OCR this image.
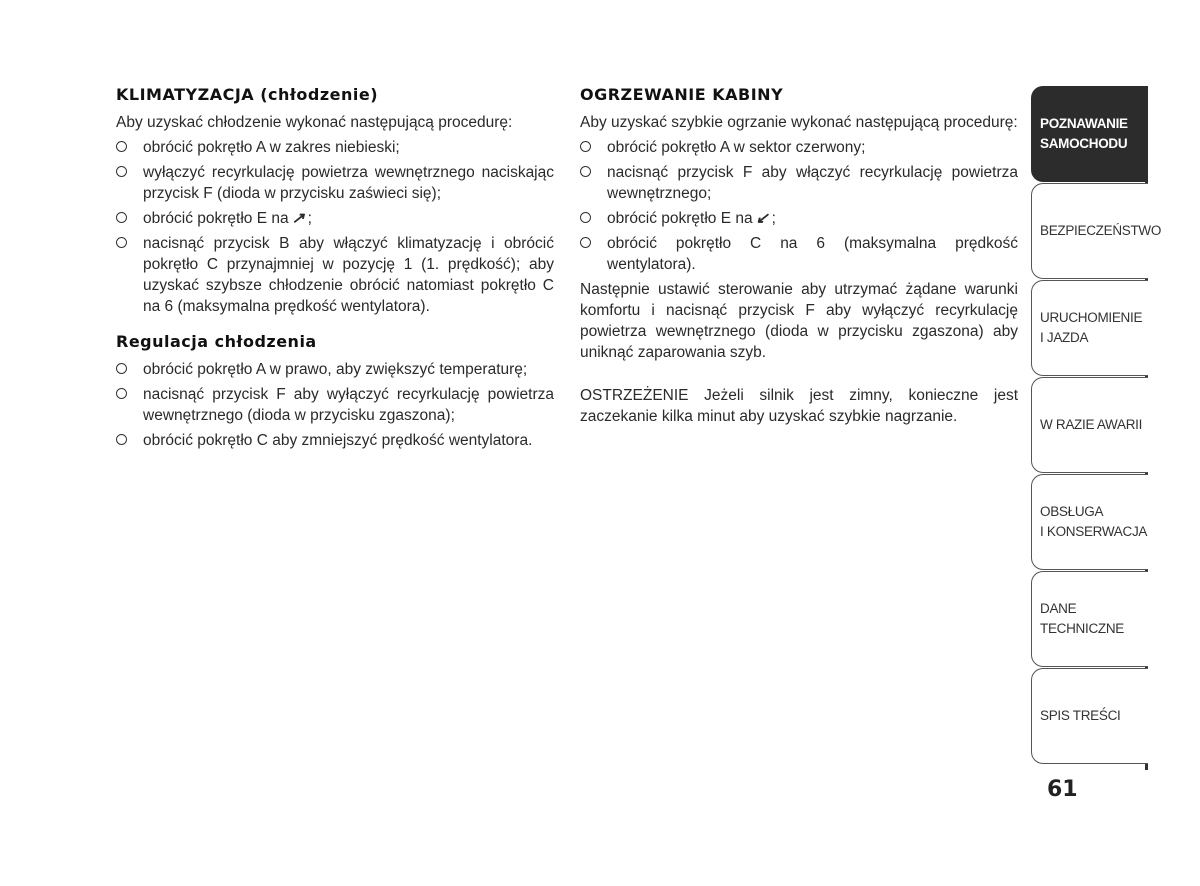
KLIMATYZACJA (chłodzenie)

Aby uzyskać chłodzenie wykonać następującą procedurę:

obrócić pokrętło A w zakres niebieski;
wyłączyć recyrkulację powietrza wewnętrznego naciskając przycisk F (dioda w przycisku zaświeci się);
obrócić pokrętło E na ↗ ;
nacisnąć przycisk B aby włączyć klimatyzację i obrócić pokrętło C przynajmniej w pozycję 1 (1. prędkość); aby uzyskać szybsze chłodzenie obrócić natomiast pokrętło C na 6 (maksymalna prędkość wentylatora).
Regulacja chłodzenia
obrócić pokrętło A w prawo, aby zwiększyć temperaturę;
nacisnąć przycisk F aby wyłączyć recyrkulację powietrza wewnętrznego (dioda w przycisku zgaszona);
obrócić pokrętło C aby zmniejszyć prędkość wentylatora.
OGRZEWANIE KABINY

Aby uzyskać szybkie ogrzanie wykonać następującą procedurę:

obrócić pokrętło A w sektor czerwony;
nacisnąć przycisk F aby włączyć recyrkulację powietrza wewnętrznego;
obrócić pokrętło E na ↙ ;
obrócić pokrętło C na 6 (maksymalna prędkość wentylatora).

Następnie ustawić sterowanie aby utrzymać żądane warunki komfortu i nacisnąć przycisk F aby wyłączyć recyrkulację powietrza wewnętrznego (dioda w przycisku zgaszona) aby uniknąć zaparowania szyb.

OSTRZEŻENIE Jeżeli silnik jest zimny, konieczne jest zaczekanie kilka minut aby uzyskać szybkie nagrzanie.

POZNAWANIE
SAMOCHODU
BEZPIECZEŃSTWO
URUCHOMIENIE
I JAZDA
W RAZIE AWARII
OBSŁUGA
I KONSERWACJA
DANE
TECHNICZNE
SPIS TREŚCI
61
